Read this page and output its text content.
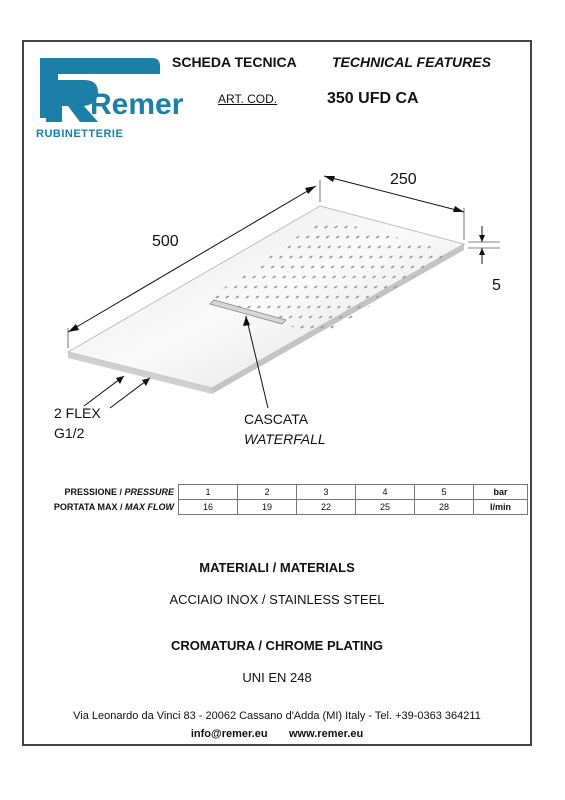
Remer
RUBINETTERIE
SCHEDA TECNICA	TECHNICAL FEATURES
ART. COD.	350 UFD CA
500
250
5
2 FLEX
G1/2
CASCATA
WATERFALL
PRESSIONE / PRESSURE	1	2	3	4	5	bar
PORTATA MAX / MAX FLOW	16	19	22	25	28	l/min
MATERIALI / MATERIALS
ACCIAIO INOX / STAINLESS STEEL
CROMATURA / CHROME PLATING
UNI EN 248
Via Leonardo da Vinci 83 - 20062 Cassano d'Adda (MI) Italy - Tel. +39-0363 364211
info@remer.eu www.remer.eu
